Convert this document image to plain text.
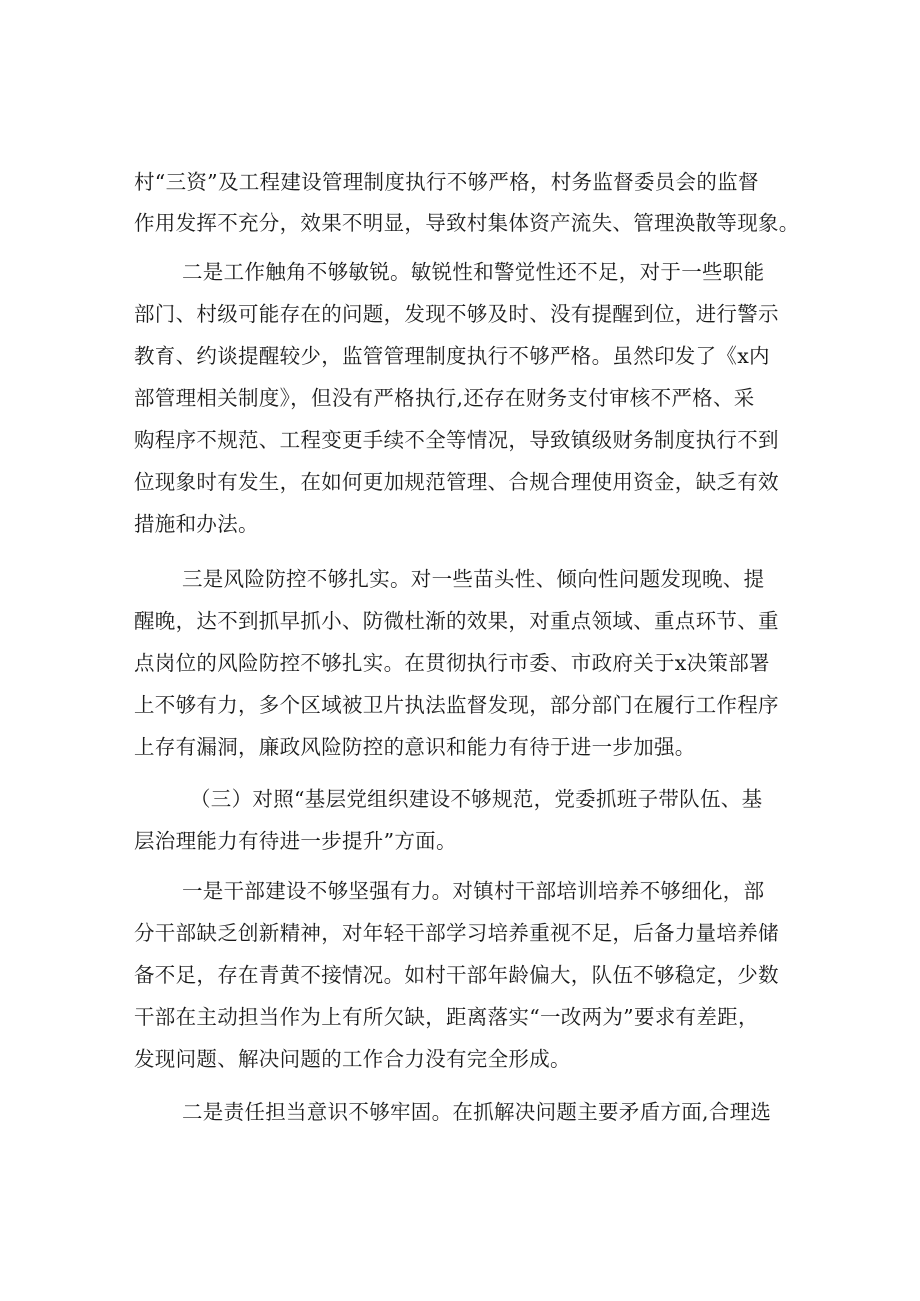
村“三资”及工程建设管理制度执行不够严格，村务监督委员会的监督

作用发挥不充分，效果不明显，导致村集体资产流失、管理涣散等现象。

二是工作触角不够敏锐。敏锐性和警觉性还不足，对于一些职能

部门、村级可能存在的问题，发现不够及时、没有提醒到位，进行警示

教育、约谈提醒较少，监管管理制度执行不够严格。虽然印发了《x内

部管理相关制度》，但没有严格执行,还存在财务支付审核不严格、采

购程序不规范、工程变更手续不全等情况，导致镇级财务制度执行不到

位现象时有发生，在如何更加规范管理、合规合理使用资金，缺乏有效

措施和办法。

三是风险防控不够扎实。对一些苗头性、倾向性问题发现晚、提

醒晚，达不到抓早抓小、防微杜渐的效果，对重点领域、重点环节、重

点岗位的风险防控不够扎实。在贯彻执行市委、市政府关于x决策部署

上不够有力，多个区域被卫片执法监督发现，部分部门在履行工作程序

上存有漏洞，廉政风险防控的意识和能力有待于进一步加强。

（三）对照“基层党组织建设不够规范，党委抓班子带队伍、基

层治理能力有待进一步提升”方面。

一是干部建设不够坚强有力。对镇村干部培训培养不够细化，部

分干部缺乏创新精神，对年轻干部学习培养重视不足，后备力量培养储

备不足，存在青黄不接情况。如村干部年龄偏大，队伍不够稳定，少数

干部在主动担当作为上有所欠缺，距离落实“一改两为”要求有差距，

发现问题、解决问题的工作合力没有完全形成。

二是责任担当意识不够牢固。在抓解决问题主要矛盾方面,合理选
